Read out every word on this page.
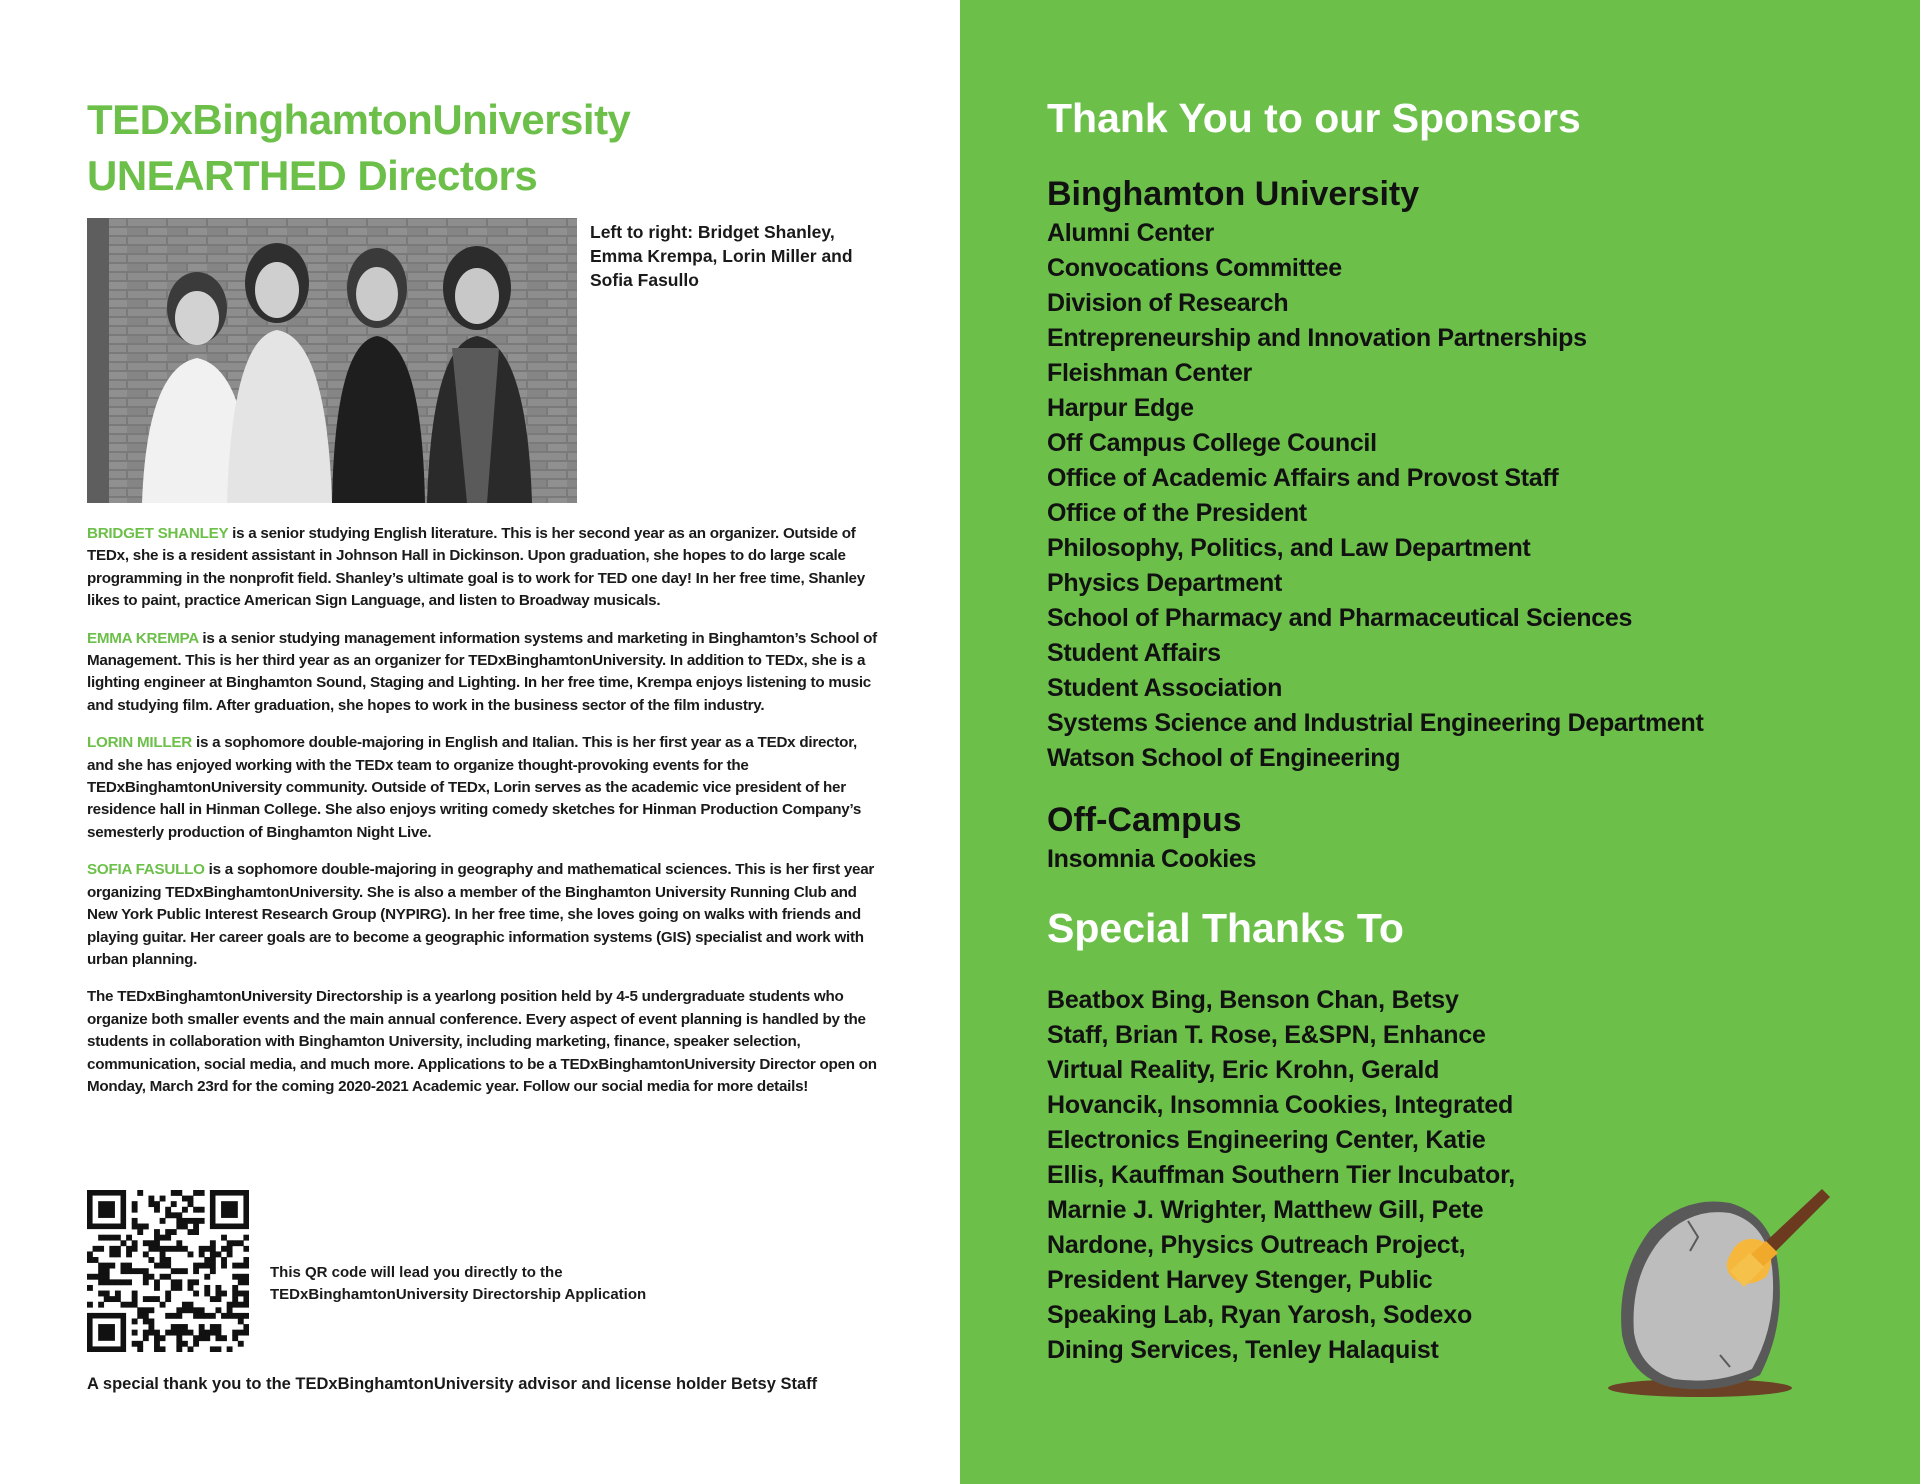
TEDxBinghamtonUniversity UNEARTHED Directors
Left to right: Bridget Shanley, Emma Krempa, Lorin Miller and Sofia Fasullo

BRIDGET SHANLEY is a senior studying English literature. This is her second year as an organizer. Outside of TEDx, she is a resident assistant in Johnson Hall in Dickinson. Upon graduation, she hopes to do large scale programming in the nonprofit field. Shanley’s ultimate goal is to work for TED one day! In her free time, Shanley likes to paint, practice American Sign Language, and listen to Broadway musicals.

EMMA KREMPA is a senior studying management information systems and marketing in Binghamton’s School of Management. This is her third year as an organizer for TEDxBinghamtonUniversity. In addition to TEDx, she is a lighting engineer at Binghamton Sound, Staging and Lighting. In her free time, Krempa enjoys listening to music and studying film. After graduation, she hopes to work in the business sector of the film industry.

LORIN MILLER is a sophomore double-majoring in English and Italian. This is her first year as a TEDx director, and she has enjoyed working with the TEDx team to organize thought-provoking events for the TEDxBinghamtonUniversity community. Outside of TEDx, Lorin serves as the academic vice president of her residence hall in Hinman College. She also enjoys writing comedy sketches for Hinman Production Company’s semesterly production of Binghamton Night Live.

SOFIA FASULLO is a sophomore double-majoring in geography and mathematical sciences. This is her first year organizing TEDxBinghamtonUniversity. She is also a member of the Binghamton University Running Club and New York Public Interest Research Group (NYPIRG). In her free time, she loves going on walks with friends and playing guitar. Her career goals are to become a geographic information systems (GIS) specialist and work with urban planning.

The TEDxBinghamtonUniversity Directorship is a yearlong position held by 4-5 undergraduate students who organize both smaller events and the main annual conference. Every aspect of event planning is handled by the students in collaboration with Binghamton University, including marketing, finance, speaker selection, communication, social media, and much more. Applications to be a TEDxBinghamtonUniversity Director open on Monday, March 23rd for the coming 2020-2021 Academic year. Follow our social media for more details!

This QR code will lead you directly to the TEDxBinghamtonUniversity Directorship Application
A special thank you to the TEDxBinghamtonUniversity advisor and license holder Betsy Staff
Thank You to our Sponsors
Binghamton University
Alumni Center
Convocations Committee
Division of Research
Entrepreneurship and Innovation Partnerships
Fleishman Center
Harpur Edge
Off Campus College Council
Office of Academic Affairs and Provost Staff
Office of the President
Philosophy, Politics, and Law Department
Physics Department
School of Pharmacy and Pharmaceutical Sciences
Student Affairs
Student Association
Systems Science and Industrial Engineering Department
Watson School of Engineering
Off-Campus
Insomnia Cookies
Special Thanks To
Beatbox Bing, Benson Chan, Betsy Staff, Brian T. Rose, E&SPN, Enhance Virtual Reality, Eric Krohn, Gerald Hovancik, Insomnia Cookies, Integrated Electronics Engineering Center, Katie Ellis, Kauffman Southern Tier Incubator, Marnie J. Wrighter, Matthew Gill, Pete Nardone, Physics Outreach Project, President Harvey Stenger, Public Speaking Lab, Ryan Yarosh, Sodexo Dining Services, Tenley Halaquist
